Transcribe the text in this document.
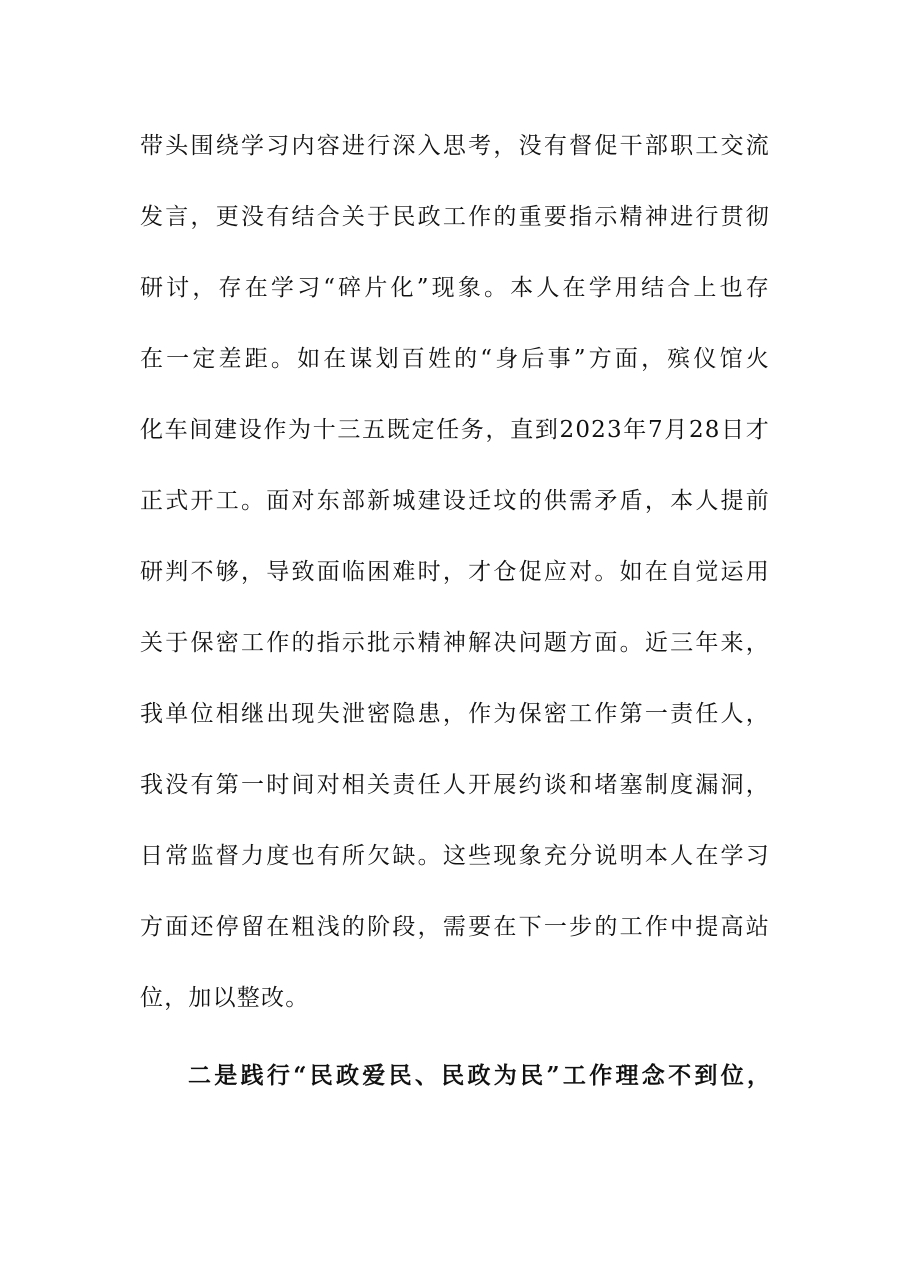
带头围绕学习内容进行深入思考，没有督促干部职工交流
发言，更没有结合关于民政工作的重要指示精神进行贯彻
研讨，存在学习“碎片化”现象。本人在学用结合上也存
在一定差距。如在谋划百姓的“身后事”方面，殡仪馆火
化车间建设作为十三五既定任务，直到2023年7月28日才
正式开工。面对东部新城建设迁坟的供需矛盾，本人提前
研判不够，导致面临困难时，才仓促应对。如在自觉运用
关于保密工作的指示批示精神解决问题方面。近三年来，
我单位相继出现失泄密隐患，作为保密工作第一责任人，
我没有第一时间对相关责任人开展约谈和堵塞制度漏洞，
日常监督力度也有所欠缺。这些现象充分说明本人在学习
方面还停留在粗浅的阶段，需要在下一步的工作中提高站
位，加以整改。
二是践行“民政爱民、民政为民”工作理念不到位，
